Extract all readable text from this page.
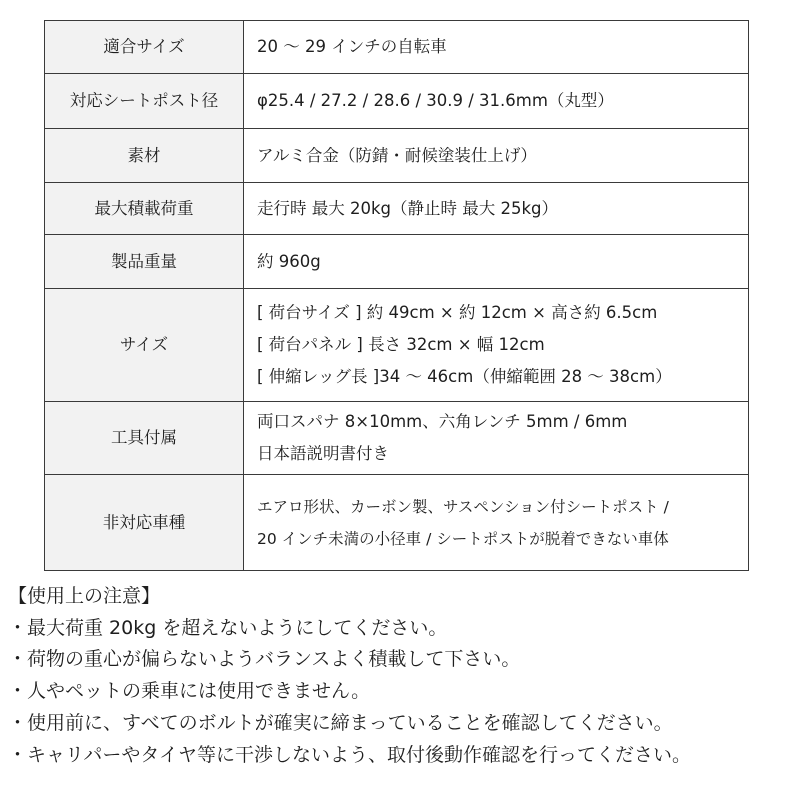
適合サイズ	20 ～ 29 インチの自転車

対応シートポスト径	φ25.4 / 27.2 / 28.6 / 30.9 / 31.6mm（丸型）

素材	アルミ合金（防錆・耐候塗装仕上げ）

最大積載荷重	走行時 最大 20kg（静止時 最大 25kg）

製品重量	約 960g

サイズ	[ 荷台サイズ ] 約 49cm × 約 12cm × 高さ約 6.5cm
[ 荷台パネル ] 長さ 32cm × 幅 12cm
[ 伸縮レッグ長 ]34 ～ 46cm（伸縮範囲 28 ～ 38cm）

工具付属	両口スパナ 8×10mm、六角レンチ 5mm / 6mm
日本語説明書付き

非対応車種	エアロ形状、カーボン製、サスペンション付シートポスト /
20 インチ未満の小径車 / シートポストが脱着できない車体
【使用上の注意】
・最大荷重 20kg を超えないようにしてください。
・荷物の重心が偏らないようバランスよく積載して下さい。
・人やペットの乗車には使用できません。
・使用前に、すべてのボルトが確実に締まっていることを確認してください。
・キャリパーやタイヤ等に干渉しないよう、取付後動作確認を行ってください。
